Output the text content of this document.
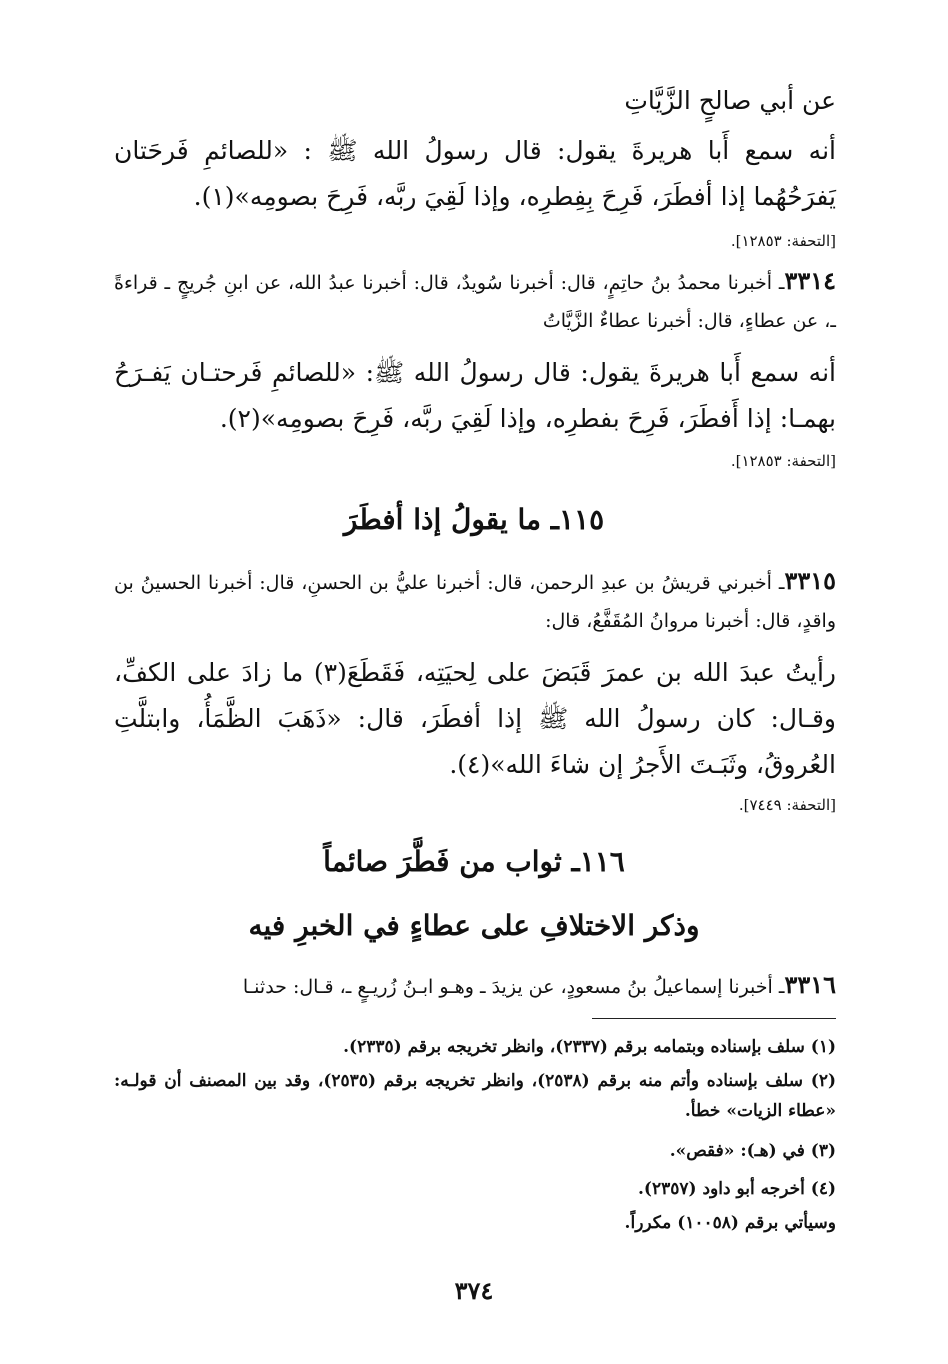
عن أبي صالحٍ الزَّيَّاتِ
أنه سمع أَبا هريرةَ يقول: قال رسولُ الله ﷺ : «للصائمِ فَرحَتان يَفرَحُهُما إذا أفطَرَ، فَرِحَ بِفِطرِه، وإذا لَقِيَ ربَّه، فَرِحَ بصومِه»(١).
[التحفة: ١٢٨٥٣].
٣٣١٤ـ أخبرنا محمدُ بنُ حاتِمٍ، قال: أخبرنا سُويدٌ، قال: أخبرنا عبدُ الله، عن ابنِ جُريجٍ ـ قراءةً ـ، عن عطاءٍ، قال: أخبرنا عطاءٌ الزَّيَّاتُ
أنه سمع أَبا هريرةَ يقول: قال رسولُ الله ﷺ: «للصائمِ فَرحتـان يَفـرَحُ بهمـا: إذا أَفطَرَ، فَرِحَ بفطرِه، وإذا لَقِيَ ربَّه، فَرِحَ بصومِه»(٢).
[التحفة: ١٢٨٥٣].
١١٥ـ ما يقولُ إذا أفطَرَ
٣٣١٥ـ أخبرني قريشُ بن عبدِ الرحمن، قال: أخبرنا عليُّ بن الحسنِ، قال: أخبرنا الحسينُ بن واقدٍ، قال: أخبرنا مروانُ المُقَفَّعُ، قال:
رأيتُ عبدَ الله بن عمرَ قَبَضَ على لِحيَتِه، فَقَطَعَ(٣) ما زادَ على الكفِّ، وقـال: كان رسولُ الله ﷺ إذا أفطَرَ، قال: «ذَهَبَ الظَّمَأُ، وابتلَّتِ العُروقُ، وثَبَـتَ الأَجرُ إن شاءَ الله»(٤).
[التحفة: ٧٤٤٩].
١١٦ـ ثواب من فَطَّرَ صائماً
وذكر الاختلافِ على عطاءٍ في الخبرِ فيه
٣٣١٦ـ أخبرنا إسماعيلُ بنُ مسعودٍ، عن يزيدَ ـ وهـو ابـنُ زُريـعٍ ـ، قـال: حدثنـا
(١) سلف بإسناده وبتمامه برقم (٢٣٣٧)، وانظر تخريجه برقم (٢٣٣٥).
(٢) سلف بإسناده وأتم منه برقم (٢٥٣٨)، وانظر تخريجه برقم (٢٥٣٥)، وقد بين المصنف أن قولـه: «عطاء الزيات» خطأ.
(٣) في (هـ): «فقص».
(٤) أخرجه أبو داود (٢٣٥٧).
وسيأتي برقم (١٠٠٥٨) مكرراً.
٣٧٤
